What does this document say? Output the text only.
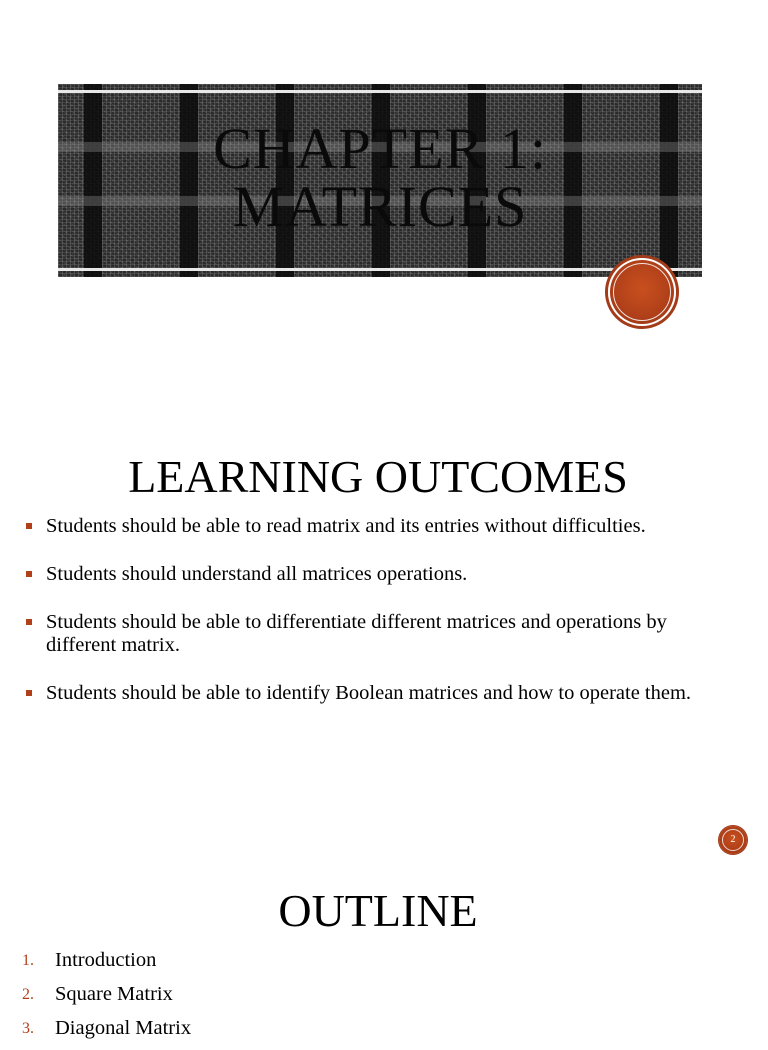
CHAPTER 1:
MATRICES
LEARNING OUTCOMES
Students should be able to read matrix and its entries without difficulties.
Students should understand all matrices operations.
Students should be able to differentiate different matrices and operations by different matrix.
Students should be able to identify Boolean matrices and how to operate them.
2
OUTLINE
1. Introduction
2. Square Matrix
3. Diagonal Matrix
